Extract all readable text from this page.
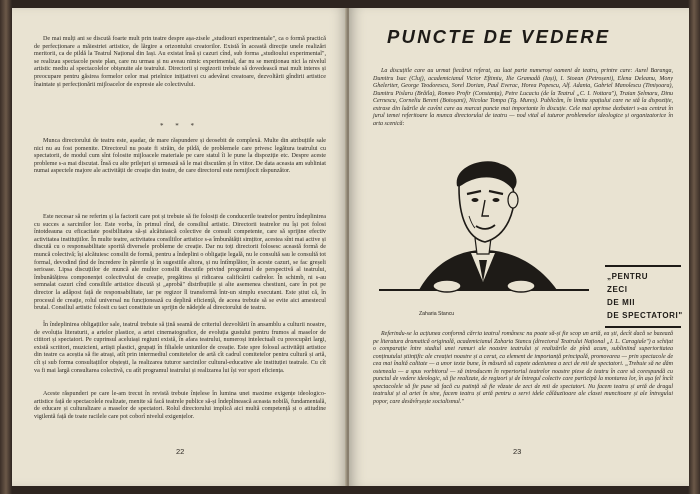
De mai mulți ani se discută foarte mult prin teatre despre așa-zisele „studiouri experimentale", ca o formă practică de perfecționare a măiestriei artistice, de lărgire a orizontului creatorilor. Există în această direcție unele realizări meritorii, ca de pildă la Teatrul Național din Iași. Au existat însă și cazuri cînd, sub forma „studioului experimental", se realizau spectacole peste plan, care nu urmau și nu aveau nimic experimental, dar nu se menționau nici la nivelul artistic mediu al spectacolelor obișnuite ale teatrului. Directorii și regizorii trebuie să dovedească mai mult interes și preocupare pentru găsirea formelor celor mai prielnice inițiativei cu adevărat creatoare, dezvoltării gîndirii artistice înaintate și perfecționării mijloacelor de expresie ale colectivului.

* * *

Munca directorului de teatru este, așadar, de mare răspundere și deosebit de complexă. Multe din atribuțiile sale nici nu au fost pomenite. Directorul nu poate fi străin, de pildă, de problemele care privesc legătura teatrului cu spectatorii, de modul cum sînt folosite mijloacele materiale pe care statul îi le pune la dispoziție etc. Despre aceste probleme s-a mai discutat. Însă cu alte prilejuri și urmează să le mai discutăm și în viitor. De data aceasta am subliniat numai aspectele majore ale activității de creație din teatre, de care directorul este nemijlocit răspunzător.

Este necesar să ne referim și la factorii care pot și trebuie să fie folosiți de conducerile teatrelor pentru îndeplinirea cu succes a sarcinilor lor. Este vorba, în primul rînd, de consiliul artistic. Directorii teatrelor nu își pot folosi întotdeauna cu eficacitate posibilitatea să-și alcătuiască colective de consult competente, care să sprijine efectiv activitatea instituțiilor. În multe teatre, activitatea consiliilor artistice s-a îmbunătățit simțitor, acestea sînt mai active și discută cu o responsabilitate sporită diversele probleme de creație. Dar nu toți directorii folosesc această formă de muncă colectivă; își alcătuiesc consilii de formă, pentru a îndeplini o obligație legală, nu le consultă sau le consultă tot formal, devodind țînd de încredere în părerile și în sugestiile altora, și nu întîmplător, în aceste cazuri, se fac greșeli serioase. Lipsa discuțiilor de muncă ale multor consilii discutile privind programul de perspectivă al teatrului, îmbunătățirea componenței colectivului de creație, pregătirea și ridicarea calificării cadrelor. În schimb, ni s-au semnalat cazuri cînd consiliile artistice discută și „aprobă" distribuțiile și alte asemenea chestiuni, care în pot pe director la adăpost față de responsabilitate, iar pe regizor îl transformă într-un simplu executant. Este știut că, în procesul de creație, rolul universal nu funcționează cu deplină eficiență, de aceea trebuie să se evite aici amestecul brutal. Consiliul artistic folosit cu tact constituie un sprijin de nădejde al directorului de teatru.

În îndeplinirea obligațiilor sale, teatrul trebuie să țină seamă de criteriul dezvoltării în ansamblu a culturii noastre, de evoluția literaturii, a artelor plastice, a artei cinematografice, de evoluția gustului pentru frumos al maselor de cititori și spectatori. Pe cuprinsul aceluiași regiuni există, în afara teatrului, numeroși intelectuali cu preocupări largi, există scriitori, muzicieni, artiști plastici, grupați în filialele uniunilor de creație. Este spre folosul activității artistice din teatre ca aceștia să fie atrași, atît prin intermediul comitetelor de artă cît cadrul comitetelor pentru cultură și artă, cît și sub forma consultațiilor obștești, la realizarea tuturor sarcinilor cultural-educative ale instituției teatrale. Cu cît va fi mai largă consultarea colectivă, cu atît programul teatrului și realizarea lui își vor spori eficiența.

Aceste răspunderi pe care le-am trecut în revistă trebuie înțelese în lumina unei maxime exigențe ideologico-artistice față de spectacolele realizate, menite să facă teatrele publice să-și îndeplinească aceasta nobilă, fundamentală, de educare și culturalizare a maselor de spectatori. Rolul directorului implică aici multă competență și o atitudine vigilentă față de toate racilele care pot coborî nivelul exigențelor.

22
PUNCTE DE VEDERE

La discuțiile care au urmat fiecărui referat, au luat parte numeroși oameni de teatru, printre care: Aurel Baranga, Dumitru Isac (Cluj), academicianul Victor Eftimiu, Ilie Gramadă (Iași), I. Stoean (Petroșeni), Elena Deleanu, Mony Gheleriter, George Teodorescu, Sorel Dorian, Paul Everac, Horea Popescu, Alf. Adania, Gabriel Manolescu (Timișoara), Dumitru Pislaru (Brăila), Romeo Profir (Constanța), Petre Lucaciu (de la Teatrul „C. I. Nottara"), Traian Șelmaru, Dinu Cernescu, Corneliu Bereni (Botoșani), Nicolae Tompa (Tg. Mureș). Publicăm, în limita spațiului care ne stă la dispoziție, extrase din luările de cuvînt care au marcat puncte mai importante în discuție. Cele mai aprinse dezbateri s-au centrat în jurul temei referitoare la munca directorului de teatru — nod vital al tuturor problemelor ideologice și organizatorice în arta scenică:

Zaharia Stancu
„PENTRU
ZECI
DE MII
DE SPECTATORI"

Referindu-se la acțiunea conformă cărria teatrul românesc nu poate să-și fie scop un artă, ea ști, decît dacă se bazează pe literatura dramatică originală, academicianul Zaharia Stancu (directorul Teatrului Național „I. L. Caragiale") a schițat o comparație între stadiul unei ramuri ale noastre teatrului și realizările de pînă acum, subliniind superioritatea conținutului științific ale creației noastre și a cerut, ca element de importanță principală, promovarea — prin spectacole de cea mai înaltă calitate — a unor texte bune, în măsură să capete adeziunea a zeci de mii de spectatori. „Trebuie să ne dăm osteneala — a spus vorbitorul — să introducem în repertoriul teatrelor noastre piese de teatru în care să corespundă cu punctul de vedere ideologic, să fie realizate, de regizori și de întregul colectiv care participă la montarea lor, în așa fel încît spectacolele să fie puse să facă cu putință să fie văzute de zeci de mii de spectatori. Nu facem teatru și artă de dragul teatrului și al artei în sine, facem teatru și artă pentru a servi idele călăuzitoare ale clasei muncitoare și ale întregului popor, care desăvîrșește socialismul."

23
